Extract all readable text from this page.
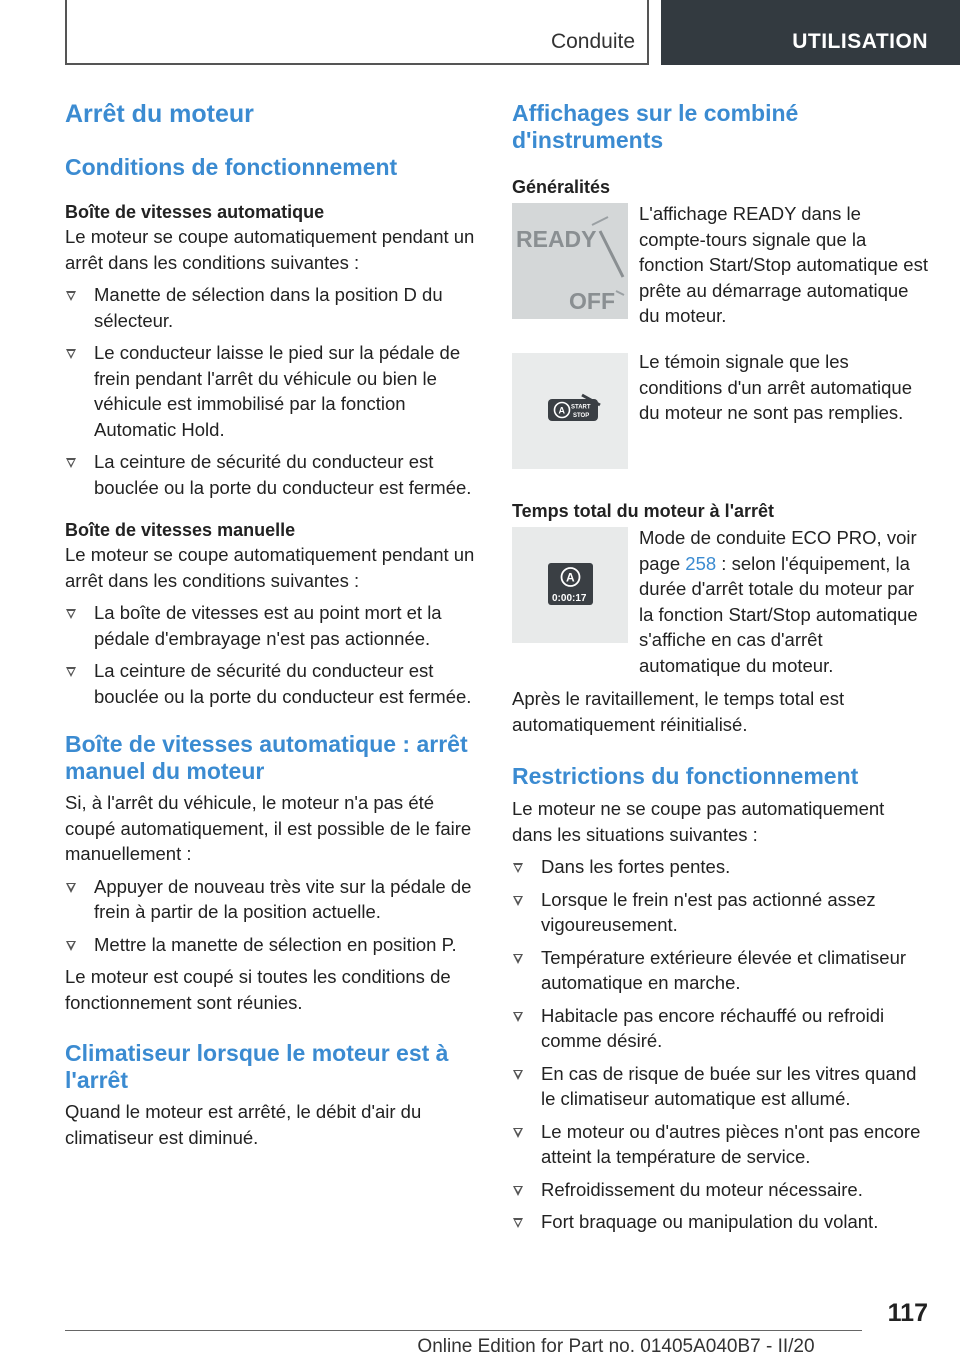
Conduite	UTILISATION
Arrêt du moteur
Conditions de fonctionnement
Boîte de vitesses automatique

Le moteur se coupe automatiquement pendant un arrêt dans les conditions suivantes :

Manette de sélection dans la position D du sélecteur.
Le conducteur laisse le pied sur la pédale de frein pendant l'arrêt du véhicule ou bien le véhicule est immobilisé par la fonction Automatic Hold.
La ceinture de sécurité du conducteur est bouclée ou la porte du conducteur est fermée.
Boîte de vitesses manuelle

Le moteur se coupe automatiquement pendant un arrêt dans les conditions suivantes :

La boîte de vitesses est au point mort et la pédale d'embrayage n'est pas actionnée.
La ceinture de sécurité du conducteur est bouclée ou la porte du conducteur est fermée.
Boîte de vitesses automatique : arrêt manuel du moteur

Si, à l'arrêt du véhicule, le moteur n'a pas été coupé automatiquement, il est possible de le faire manuellement :

Appuyer de nouveau très vite sur la pédale de frein à partir de la position actuelle.
Mettre la manette de sélection en position P.

Le moteur est coupé si toutes les conditions de fonctionnement sont réunies.

Climatiseur lorsque le moteur est à l'arrêt

Quand le moteur est arrêté, le débit d'air du climatiseur est diminué.

Affichages sur le combiné d'instruments
Généralités
READY
OFF

L'affichage READY dans le compte-tours signale que la fonction Start/Stop automatique est prête au démarrage automatique du moteur.

A START
STOP

Le témoin signale que les conditions d'un arrêt automatique du moteur ne sont pas remplies.

Temps total du moteur à l'arrêt
A
0:00:17

Mode de conduite ECO PRO, voir page 258 : selon l'équipement, la durée d'arrêt totale du moteur par la fonction Start/Stop automatique s'affiche en cas d'arrêt automatique du moteur.

Après le ravitaillement, le temps total est automatiquement réinitialisé.

Restrictions du fonctionnement

Le moteur ne se coupe pas automatiquement dans les situations suivantes :

Dans les fortes pentes.
Lorsque le frein n'est pas actionné assez vigoureusement.
Température extérieure élevée et climatiseur automatique en marche.
Habitacle pas encore réchauffé ou refroidi comme désiré.
En cas de risque de buée sur les vitres quand le climatiseur automatique est allumé.
Le moteur ou d'autres pièces n'ont pas encore atteint la température de service.
Refroidissement du moteur nécessaire.
Fort braquage ou manipulation du volant.
117
Online Edition for Part no. 01405A040B7 - II/20
